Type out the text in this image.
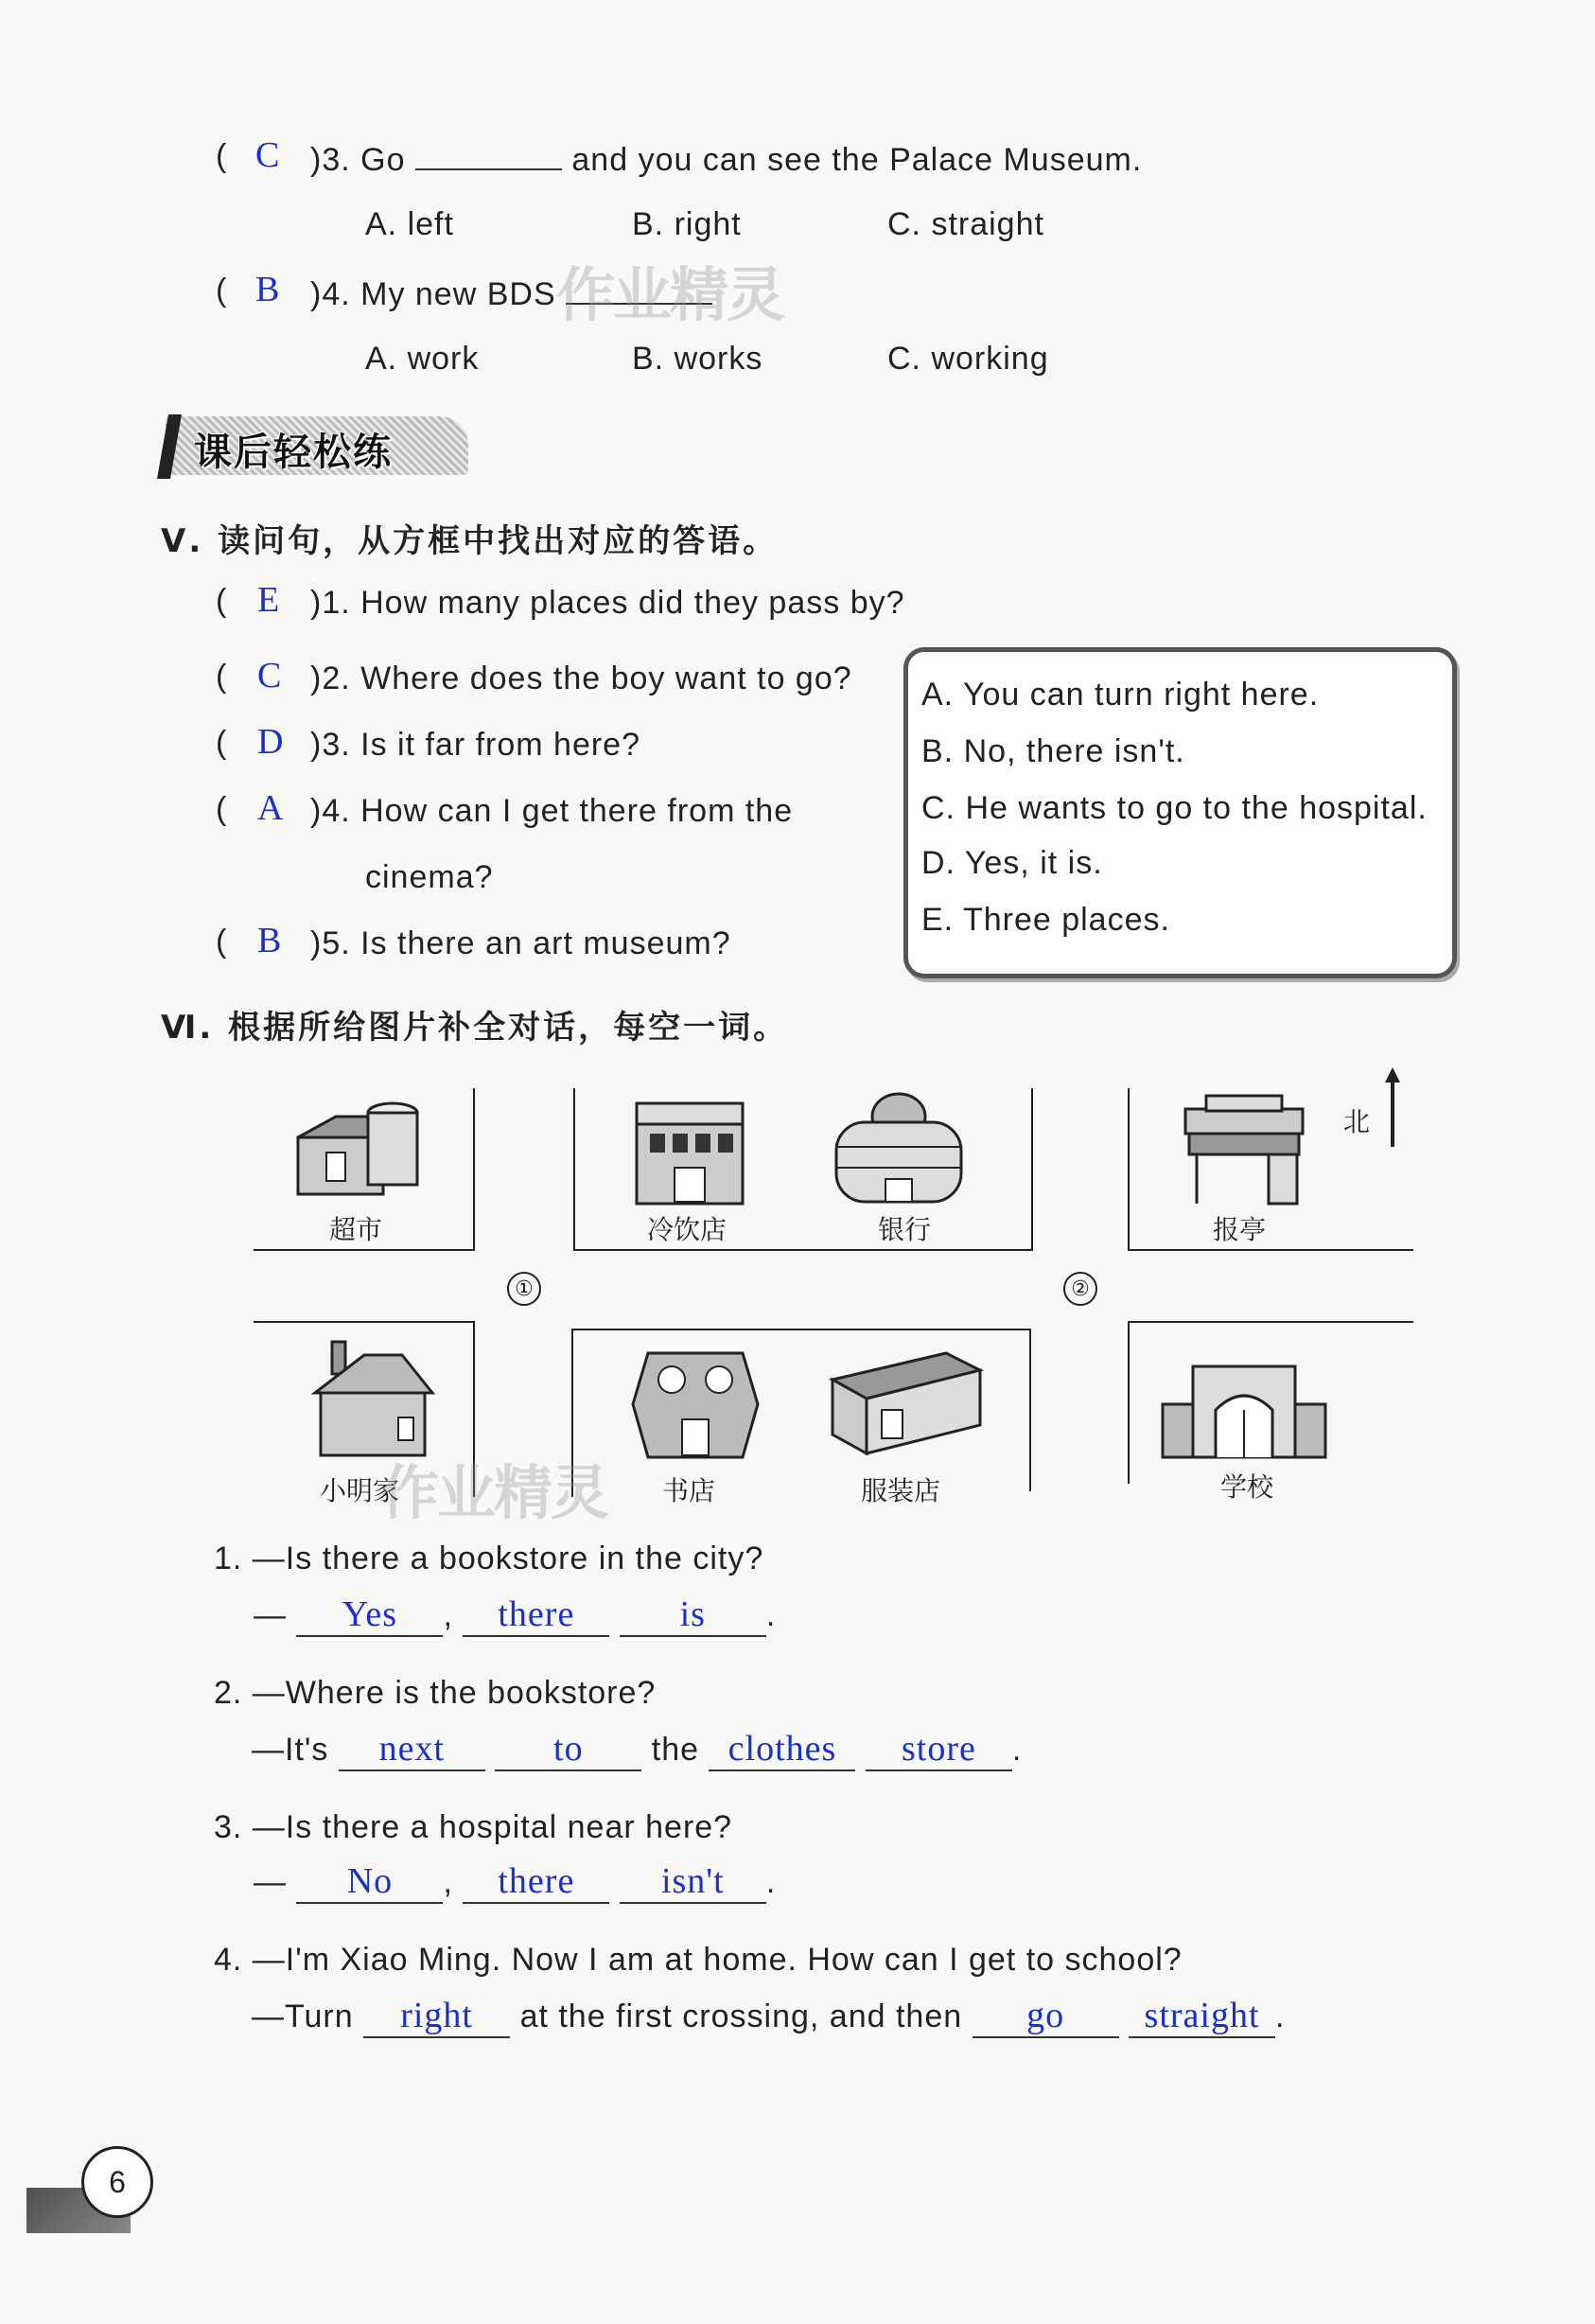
( C )3. Go	and you can see the Palace Museum.
A. left	B. right	C. straight
( B )4. My new BDS 作业精灵
A. work	B. works	C. working
课后轻松练
Ⅴ. 读问句，从方框中找出对应的答语。
( E )1. How many places did they pass by?
( C )2. Where does the boy want to go?
( D )3. Is it far from here?
( A )4. How can I get there from the
cinema?
( B )5. Is there an art museum?
A. You can turn right here.
B. No, there isn't.
C. He wants to go to the hospital.
D. Yes, it is.
E. Three places.
Ⅵ. 根据所给图片补全对话，每空一词。
①	②
北
超市	冷饮店	银行	报亭
小明家
作业精灵 书店	服装店	学校
1. —Is there a bookstore in the city?
— Yes , there	is .
2. —Where is the bookstore?
—It's next	to the clothes store .
3. —Is there a hospital near here?
— No , there isn't .
4. —I'm Xiao Ming. Now I am at home. How can I get to school?
—Turn right at the first crossing, and then go straight .
6
